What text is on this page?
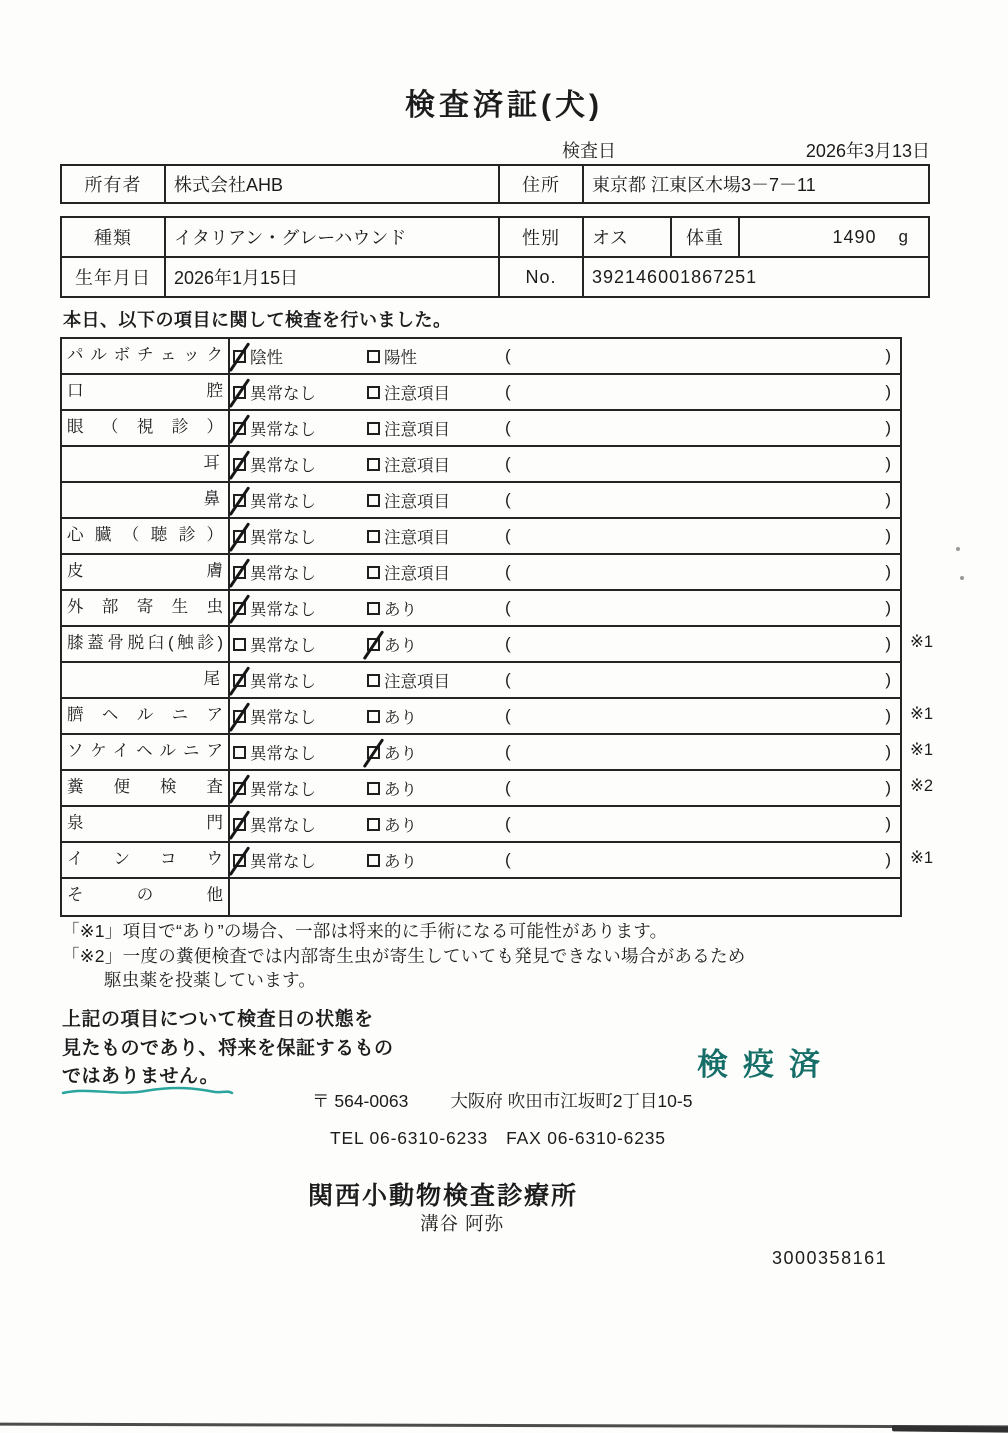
検査済証(犬)
検査日	2026年3月13日
所有者	株式会社AHB	住所	東京都 江東区木場3－7－11
種類	イタリアン・グレーハウンド	性別	オス	体重	1490 g
生年月日	2026年1月15日	No.	392146001867251
本日、以下の項目に関して検査を行いました。
パルボチェック	陰性	陽性	(	)
口腔	異常なし	注意項目	(	)
眼（視診）	異常なし	注意項目	(	)
耳	異常なし	注意項目	(	)
鼻	異常なし	注意項目	(	)
心臓（聴診）	異常なし	注意項目	(	)
皮膚	異常なし	注意項目	(	)
外部寄生虫	異常なし	あり	(	)
膝蓋骨脱臼(触診)	異常なし	あり	(	) ※1
尾	異常なし	注意項目	(	)
臍ヘルニア	異常なし	あり	(	) ※1
ソケイヘルニア	異常なし	あり	(	) ※1
糞便検査	異常なし	あり	(	) ※2
泉門	異常なし	あり	(	)
インコウ	異常なし	あり	(	) ※1
その他
「※1」項目で“あり”の場合、一部は将来的に手術になる可能性があります。
「※2」一度の糞便検査では内部寄生虫が寄生していても発見できない場合があるため
駆虫薬を投薬しています。
上記の項目について検査日の状態を
見たものであり、将来を保証するもの
ではありません。	検疫済
〒 564-0063 大阪府 吹田市江坂町2丁目10-5
TEL 06-6310-6233 FAX 06-6310-6235
関西小動物検査診療所
溝谷 阿弥
3000358161
